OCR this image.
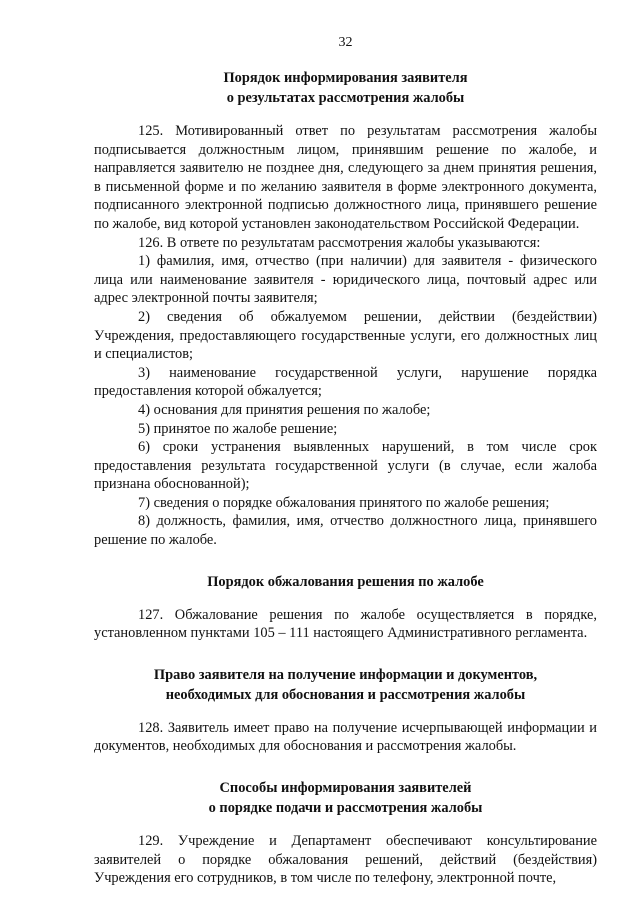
32
Порядок информирования заявителя
о результатах рассмотрения жалобы

125. Мотивированный ответ по результатам рассмотрения жалобы подписывается должностным лицом, принявшим решение по жалобе, и направляется заявителю не позднее дня, следующего за днем принятия решения, в письменной форме и по желанию заявителя в форме электронного документа, подписанного электронной подписью должностного лица, принявшего решение по жалобе, вид которой установлен законодательством Российской Федерации.

126. В ответе по результатам рассмотрения жалобы указываются:

1) фамилия, имя, отчество (при наличии) для заявителя - физического лица или наименование заявителя - юридического лица, почтовый адрес или адрес электронной почты заявителя;

2) сведения об обжалуемом решении, действии (бездействии) Учреждения, предоставляющего государственные услуги, его должностных лиц и специалистов;

3) наименование государственной услуги, нарушение порядка предоставления которой обжалуется;

4) основания для принятия решения по жалобе;

5) принятое по жалобе решение;

6) сроки устранения выявленных нарушений, в том числе срок предоставления результата государственной услуги (в случае, если жалоба признана обоснованной);

7) сведения о порядке обжалования принятого по жалобе решения;

8) должность, фамилия, имя, отчество должностного лица, принявшего решение по жалобе.

Порядок обжалования решения по жалобе

127. Обжалование решения по жалобе осуществляется в порядке, установленном пунктами 105 – 111 настоящего Административного регламента.

Право заявителя на получение информации и документов,
необходимых для обоснования и рассмотрения жалобы

128. Заявитель имеет право на получение исчерпывающей информации и документов, необходимых для обоснования и рассмотрения жалобы.

Способы информирования заявителей
о порядке подачи и рассмотрения жалобы

129. Учреждение и Департамент обеспечивают консультирование заявителей о порядке обжалования решений, действий (бездействия) Учреждения его сотрудников, в том числе по телефону, электронной почте,
